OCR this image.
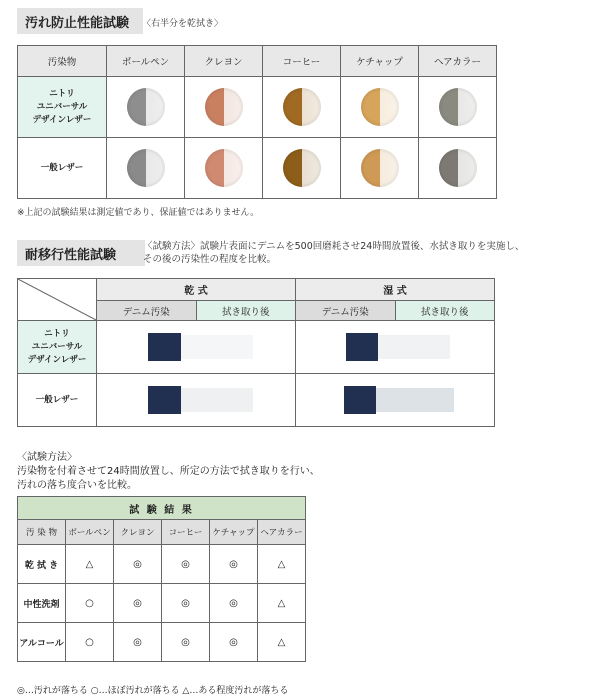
汚れ防止性能試験 〈右半分を乾拭き〉
汚染物	ボールペン	クレヨン	コーヒー	ケチャップ	ヘアカラー

ニトリ
ユニバーサル
デザインレザー					

一般レザー					

※上記の試験結果は測定値であり、保証値ではありません。
耐移行性能試験
〈試験方法〉試験片表面にデニムを500回磨耗させ24時間放置後、水拭き取りを実施し、
その後の汚染性の程度を比較。
	乾 式		湿 式	
	デニム汚染	拭き取り後	デニム汚染	拭き取り後

ニトリ
ユニバーサル
デザインレザー				

一般レザー				

〈試験方法〉
汚染物を付着させて24時間放置し、所定の方法で拭き取りを行い、
汚れの落ち度合いを比較。
試 験 結 果					
汚 染 物	ボールペン	クレヨン	コーヒー	ケチャップ	ヘアカラー
乾 拭 き	△	◎	◎	◎	△
中性洗剤	○	◎	◎	◎	△
アルコール	○	◎	◎	◎	△
◎…汚れが落ちる ○…ほぼ汚れが落ちる △…ある程度汚れが落ちる
